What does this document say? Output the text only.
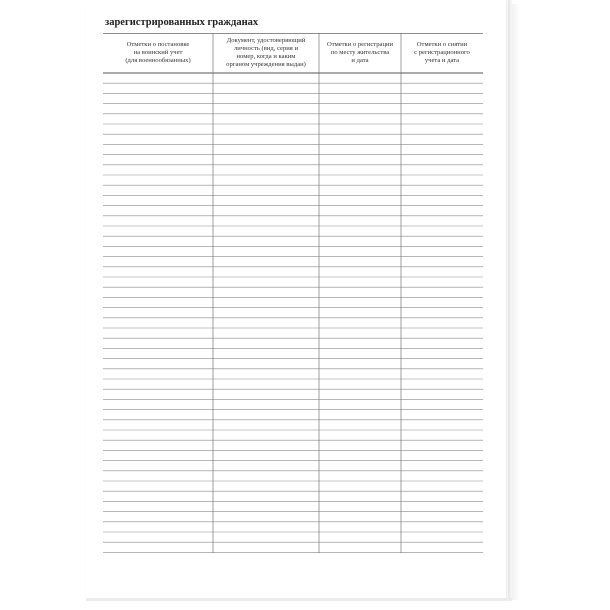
зарегистрированных гражданах
Отметки о постановке
на воинский учет
(для военнообязанных)
Документ, удостоверяющий
личность (вид, серия и
номер, когда и каким
органом учреждения выдан)
Отметки о регистрации
по месту жительства
и дата
Отметки о снятии
с регистрационного
учета и дата
